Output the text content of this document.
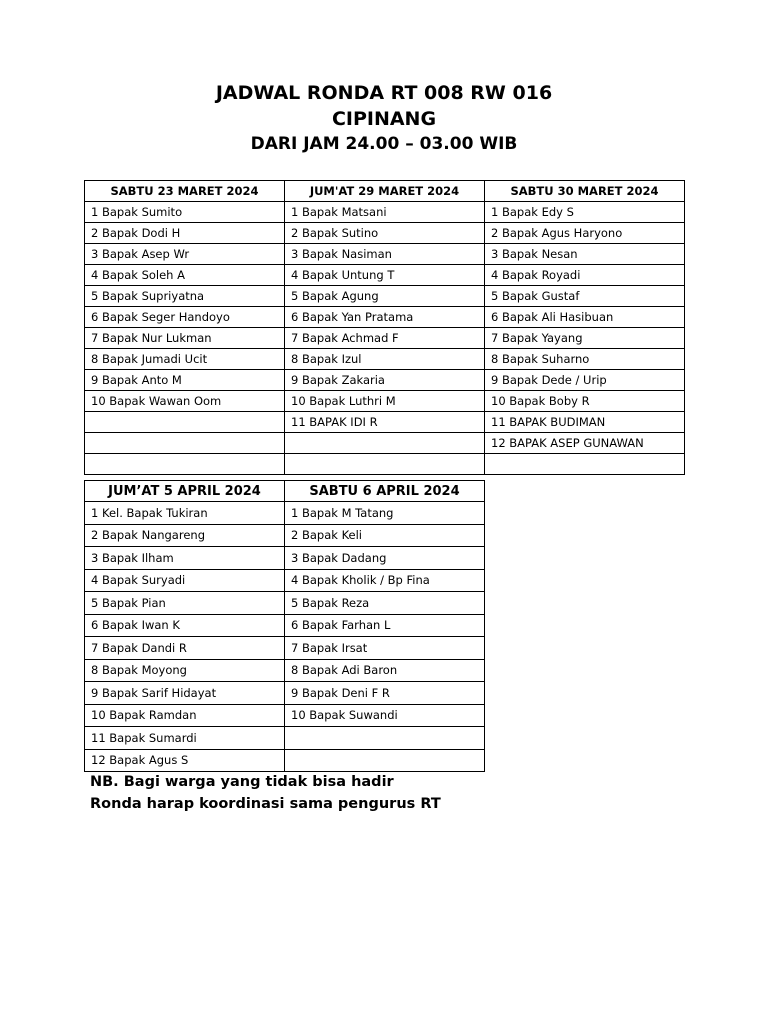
JADWAL RONDA RT 008 RW 016
CIPINANG
DARI JAM 24.00 – 03.00 WIB
SABTU 23 MARET 2024	JUM'AT 29 MARET 2024	SABTU 30 MARET 2024
1 Bapak Sumito	1 Bapak Matsani	1 Bapak Edy S
2 Bapak Dodi H	2 Bapak Sutino	2 Bapak Agus Haryono
3 Bapak Asep Wr	3 Bapak Nasiman	3 Bapak Nesan
4 Bapak Soleh A	4 Bapak Untung T	4 Bapak Royadi
5 Bapak Supriyatna	5 Bapak Agung	5 Bapak Gustaf
6 Bapak Seger Handoyo	6 Bapak Yan Pratama	6 Bapak Ali Hasibuan
7 Bapak Nur Lukman	7 Bapak Achmad F	7 Bapak Yayang
8 Bapak Jumadi Ucit	8 Bapak Izul	8 Bapak Suharno
9 Bapak Anto M	9 Bapak Zakaria	9 Bapak Dede / Urip
10 Bapak Wawan Oom	10 Bapak Luthri M	10 Bapak Boby R
	11 BAPAK IDI R	11 BAPAK BUDIMAN
		12 BAPAK ASEP GUNAWAN

JUM’AT 5 APRIL 2024	SABTU 6 APRIL 2024
1 Kel. Bapak Tukiran	1 Bapak M Tatang
2 Bapak Nangareng	2 Bapak Keli
3 Bapak Ilham	3 Bapak Dadang
4 Bapak Suryadi	4 Bapak Kholik / Bp Fina
5 Bapak Pian	5 Bapak Reza
6 Bapak Iwan K	6 Bapak Farhan L
7 Bapak Dandi R	7 Bapak Irsat
8 Bapak Moyong	8 Bapak Adi Baron
9 Bapak Sarif Hidayat	9 Bapak Deni F R
10 Bapak Ramdan	10 Bapak Suwandi
11 Bapak Sumardi	
12 Bapak Agus S	

NB. Bagi warga yang tidak bisa hadir

Ronda harap koordinasi sama pengurus RT
